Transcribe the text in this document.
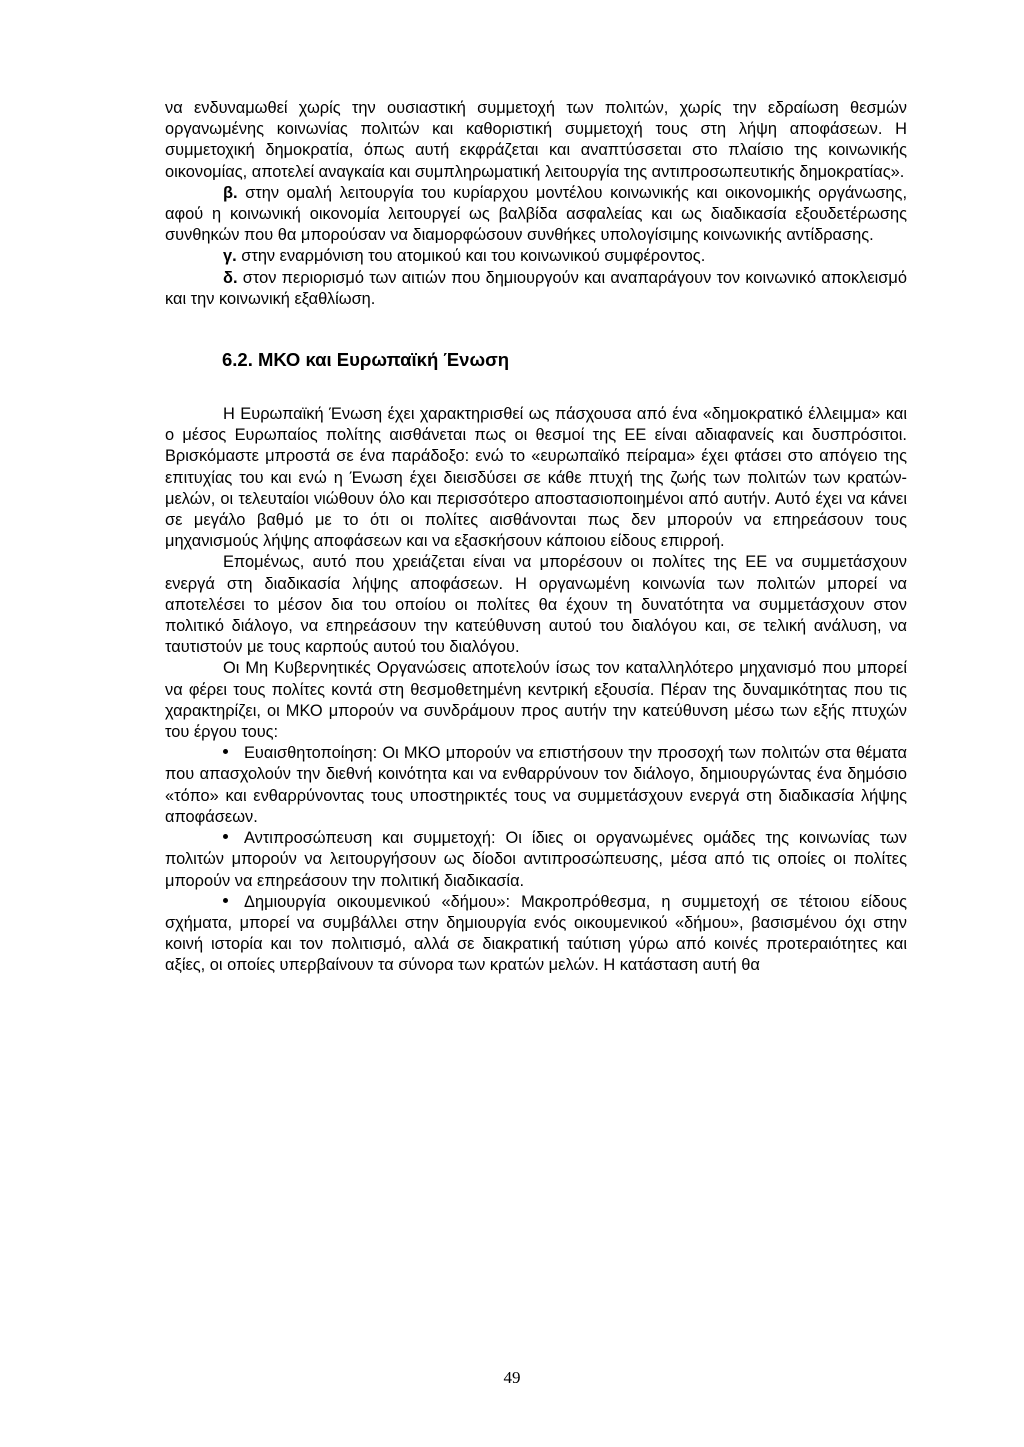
να ενδυναμωθεί χωρίς την ουσιαστική συμμετοχή των πολιτών, χωρίς την εδραίωση θεσμών οργανωμένης κοινωνίας πολιτών και καθοριστική συμμετοχή τους στη λήψη αποφάσεων. Η συμμετοχική δημοκρατία, όπως αυτή εκφράζεται και αναπτύσσεται στο πλαίσιο της κοινωνικής οικονομίας, αποτελεί αναγκαία και συμπληρωματική λειτουργία της αντιπροσωπευτικής δημοκρατίας».

β. στην ομαλή λειτουργία του κυρίαρχου μοντέλου κοινωνικής και οικονομικής οργάνωσης, αφού η κοινωνική οικονομία λειτουργεί ως βαλβίδα ασφαλείας και ως διαδικασία εξουδετέρωσης συνθηκών που θα μπορούσαν να διαμορφώσουν συνθήκες υπολογίσιμης κοινωνικής αντίδρασης.

γ. στην εναρμόνιση του ατομικού και του κοινωνικού συμφέροντος.

δ. στον περιορισμό των αιτιών που δημιουργούν και αναπαράγουν τον κοινωνικό αποκλεισμό και την κοινωνική εξαθλίωση.

6.2. ΜΚΟ και Ευρωπαϊκή Ένωση

Η Ευρωπαϊκή Ένωση έχει χαρακτηρισθεί ως πάσχουσα από ένα «δημοκρατικό έλλειμμα» και ο μέσος Ευρωπαίος πολίτης αισθάνεται πως οι θεσμοί της ΕΕ είναι αδιαφανείς και δυσπρόσιτοι. Βρισκόμαστε μπροστά σε ένα παράδοξο: ενώ το «ευρωπαϊκό πείραμα» έχει φτάσει στο απόγειο της επιτυχίας του και ενώ η Ένωση έχει διεισδύσει σε κάθε πτυχή της ζωής των πολιτών των κρατών-μελών, οι τελευταίοι νιώθουν όλο και περισσότερο αποστασιοποιημένοι από αυτήν. Αυτό έχει να κάνει σε μεγάλο βαθμό με το ότι οι πολίτες αισθάνονται πως δεν μπορούν να επηρεάσουν τους μηχανισμούς λήψης αποφάσεων και να εξασκήσουν κάποιου είδους επιρροή.

Επομένως, αυτό που χρειάζεται είναι να μπορέσουν οι πολίτες της ΕΕ να συμμετάσχουν ενεργά στη διαδικασία λήψης αποφάσεων. Η οργανωμένη κοινωνία των πολιτών μπορεί να αποτελέσει το μέσον δια του οποίου οι πολίτες θα έχουν τη δυνατότητα να συμμετάσχουν στον πολιτικό διάλογο, να επηρεάσουν την κατεύθυνση αυτού του διαλόγου και, σε τελική ανάλυση, να ταυτιστούν με τους καρπούς αυτού του διαλόγου.

Οι Μη Κυβερνητικές Οργανώσεις αποτελούν ίσως τον καταλληλότερο μηχανισμό που μπορεί να φέρει τους πολίτες κοντά στη θεσμοθετημένη κεντρική εξουσία. Πέραν της δυναμικότητας που τις χαρακτηρίζει, οι ΜΚΟ μπορούν να συνδράμουν προς αυτήν την κατεύθυνση μέσω των εξής πτυχών του έργου τους:

Ευαισθητοποίηση: Οι ΜΚΟ μπορούν να επιστήσουν την προσοχή των πολιτών στα θέματα που απασχολούν την διεθνή κοινότητα και να ενθαρρύνουν τον διάλογο, δημιουργώντας ένα δημόσιο «τόπο» και ενθαρρύνοντας τους υποστηρικτές τους να συμμετάσχουν ενεργά στη διαδικασία λήψης αποφάσεων.

Αντιπροσώπευση και συμμετοχή: Οι ίδιες οι οργανωμένες ομάδες της κοινωνίας των πολιτών μπορούν να λειτουργήσουν ως δίοδοι αντιπροσώπευσης, μέσα από τις οποίες οι πολίτες μπορούν να επηρεάσουν την πολιτική διαδικασία.

Δημιουργία οικουμενικού «δήμου»: Μακροπρόθεσμα, η συμμετοχή σε τέτοιου είδους σχήματα, μπορεί να συμβάλλει στην δημιουργία ενός οικουμενικού «δήμου», βασισμένου όχι στην κοινή ιστορία και τον πολιτισμό, αλλά σε διακρατική ταύτιση γύρω από κοινές προτεραιότητες και αξίες, οι οποίες υπερβαίνουν τα σύνορα των κρατών μελών. Η κατάσταση αυτή θα

49
